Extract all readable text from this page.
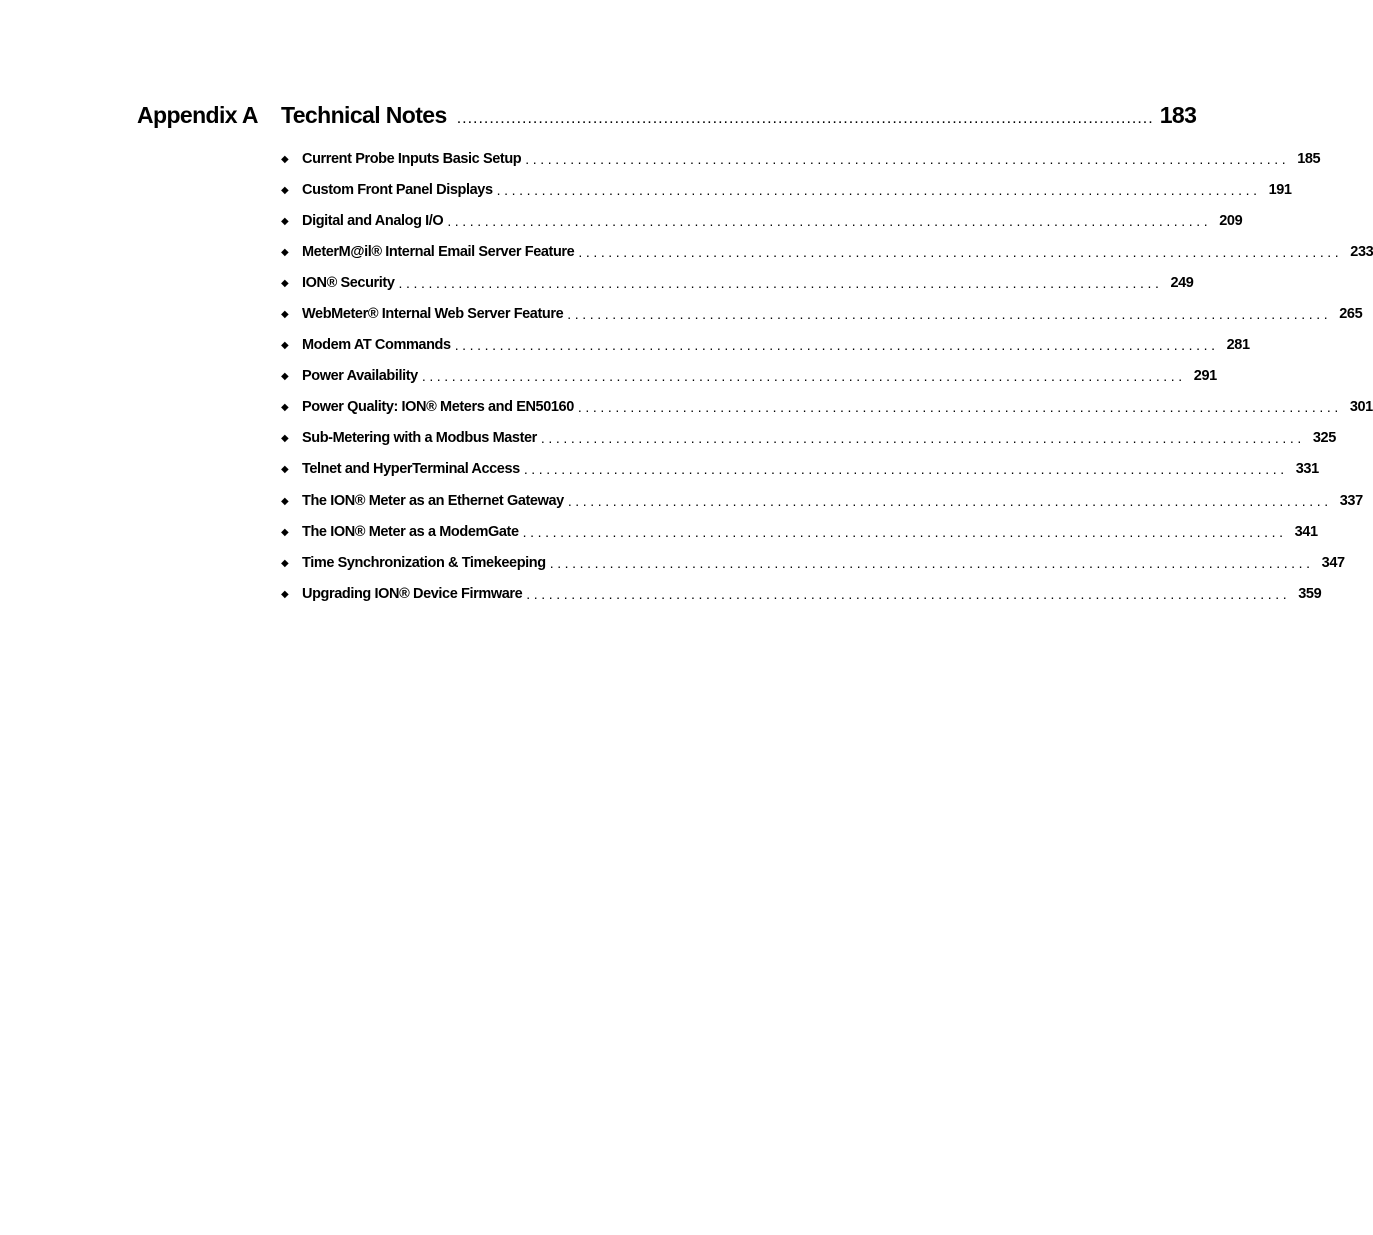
Appendix A Technical Notes ................................................................................................................................ 183
◆ Current Probe Inputs Basic Setup ...................................................................................................... 185
◆ Custom Front Panel Displays ...................................................................................................... 191
◆ Digital and Analog I/O ...................................................................................................... 209
◆ MeterM@il® Internal Email Server Feature ...................................................................................................... 233
◆ ION® Security ...................................................................................................... 249
◆ WebMeter® Internal Web Server Feature ...................................................................................................... 265
◆ Modem AT Commands ...................................................................................................... 281
◆ Power Availability ...................................................................................................... 291
◆ Power Quality: ION® Meters and EN50160 ...................................................................................................... 301
◆ Sub-Metering with a Modbus Master ...................................................................................................... 325
◆ Telnet and HyperTerminal Access ...................................................................................................... 331
◆ The ION® Meter as an Ethernet Gateway ...................................................................................................... 337
◆ The ION® Meter as a ModemGate ...................................................................................................... 341
◆ Time Synchronization & Timekeeping ...................................................................................................... 347
◆ Upgrading ION® Device Firmware ...................................................................................................... 359
